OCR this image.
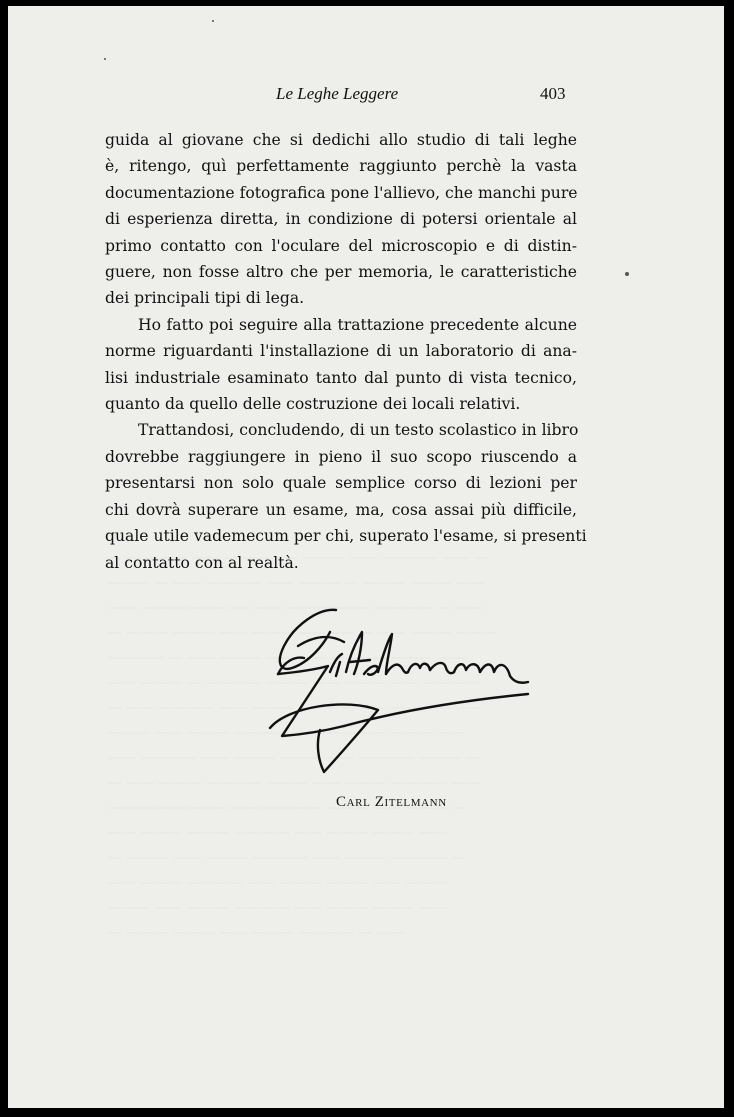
Le Leghe Leggere	403

guida al giovane che si dedichi allo studio di tali leghe
è, ritengo, quì perfettamente raggiunto perchè la vasta
documentazione fotografica pone l'allievo, che manchi pure
di esperienza diretta, in condizione di potersi orientale al
primo contatto con l'oculare del microscopio e di distin-
guere, non fosse altro che per memoria, le caratteristiche
dei principali tipi di lega.

Ho fatto poi seguire alla trattazione precedente alcune
norme riguardanti l'installazione di un laboratorio di ana-
lisi industriale esaminato tanto dal punto di vista tecnico,
quanto da quello delle costruzione dei locali relativi.

Trattandosi, concludendo, di un testo scolastico in libro
dovrebbe raggiungere in pieno il suo scopo riuscendo a
presentarsi non solo quale semplice corso di lezioni per
chi dovrà superare un esame, ma, cosa assai più difficile,
quale utile vademecum per chi, superato l'esame, si presenti
al contatto con al realtà.

Carl Zitelmann
